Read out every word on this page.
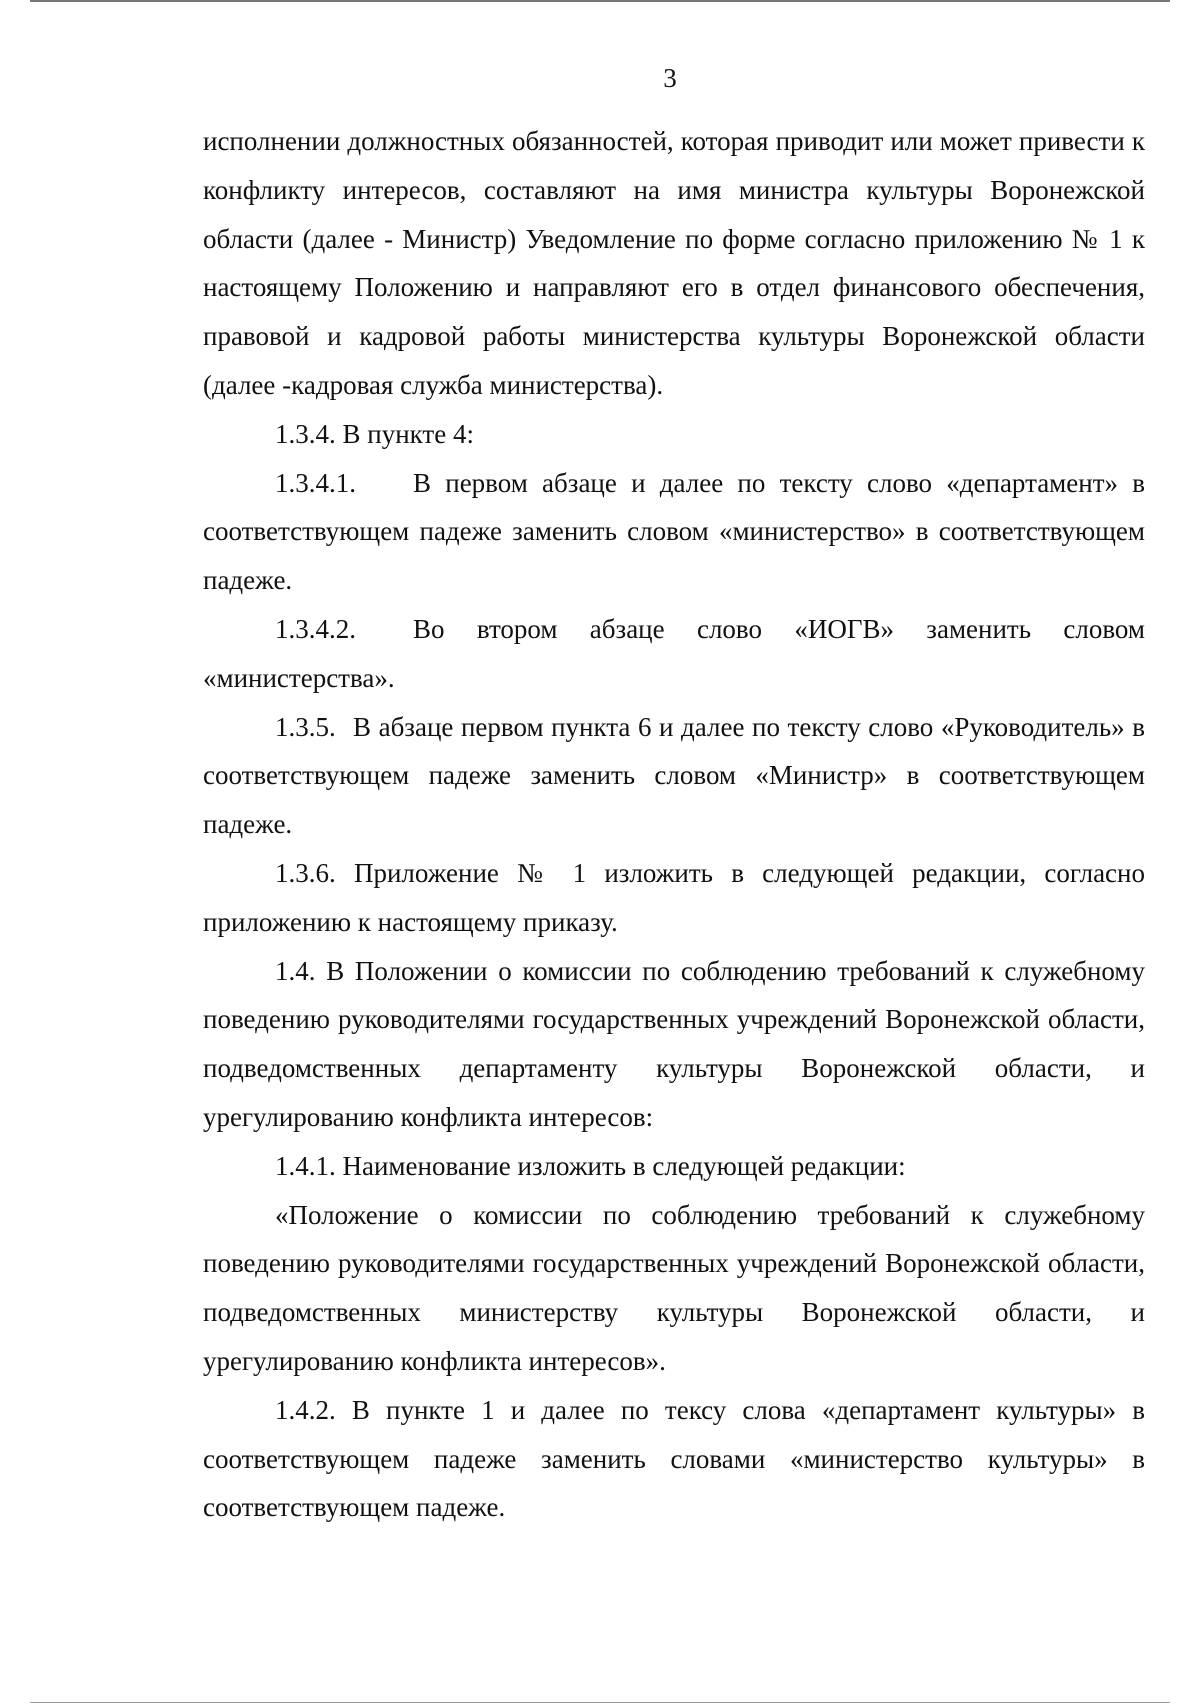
3

исполнении должностных обязанностей, которая приводит или может привести к конфликту интересов, составляют на имя министра культуры Воронежской области (далее - Министр) Уведомление по форме согласно приложению № 1 к настоящему Положению и направляют его в отдел финансового обеспечения, правовой и кадровой работы министерства культуры Воронежской области (далее -кадровая служба министерства).

1.3.4. В пункте 4:

1.3.4.1. В первом абзаце и далее по тексту слово «департамент» в соответствующем падеже заменить словом «министерство» в соответствующем падеже.

1.3.4.2. Во втором абзаце слово «ИОГВ» заменить словом «министерства».

1.3.5. В абзаце первом пункта 6 и далее по тексту слово «Руководитель» в соответствующем падеже заменить словом «Министр» в соответствующем падеже.

1.3.6. Приложение № 1 изложить в следующей редакции, согласно приложению к настоящему приказу.

1.4. В Положении о комиссии по соблюдению требований к служебному поведению руководителями государственных учреждений Воронежской области, подведомственных департаменту культуры Воронежской области, и урегулированию конфликта интересов:

1.4.1. Наименование изложить в следующей редакции:

«Положение о комиссии по соблюдению требований к служебному поведению руководителями государственных учреждений Воронежской области, подведомственных министерству культуры Воронежской области, и урегулированию конфликта интересов».

1.4.2. В пункте 1 и далее по тексу слова «департамент культуры» в соответствующем падеже заменить словами «министерство культуры» в соответствующем падеже.
